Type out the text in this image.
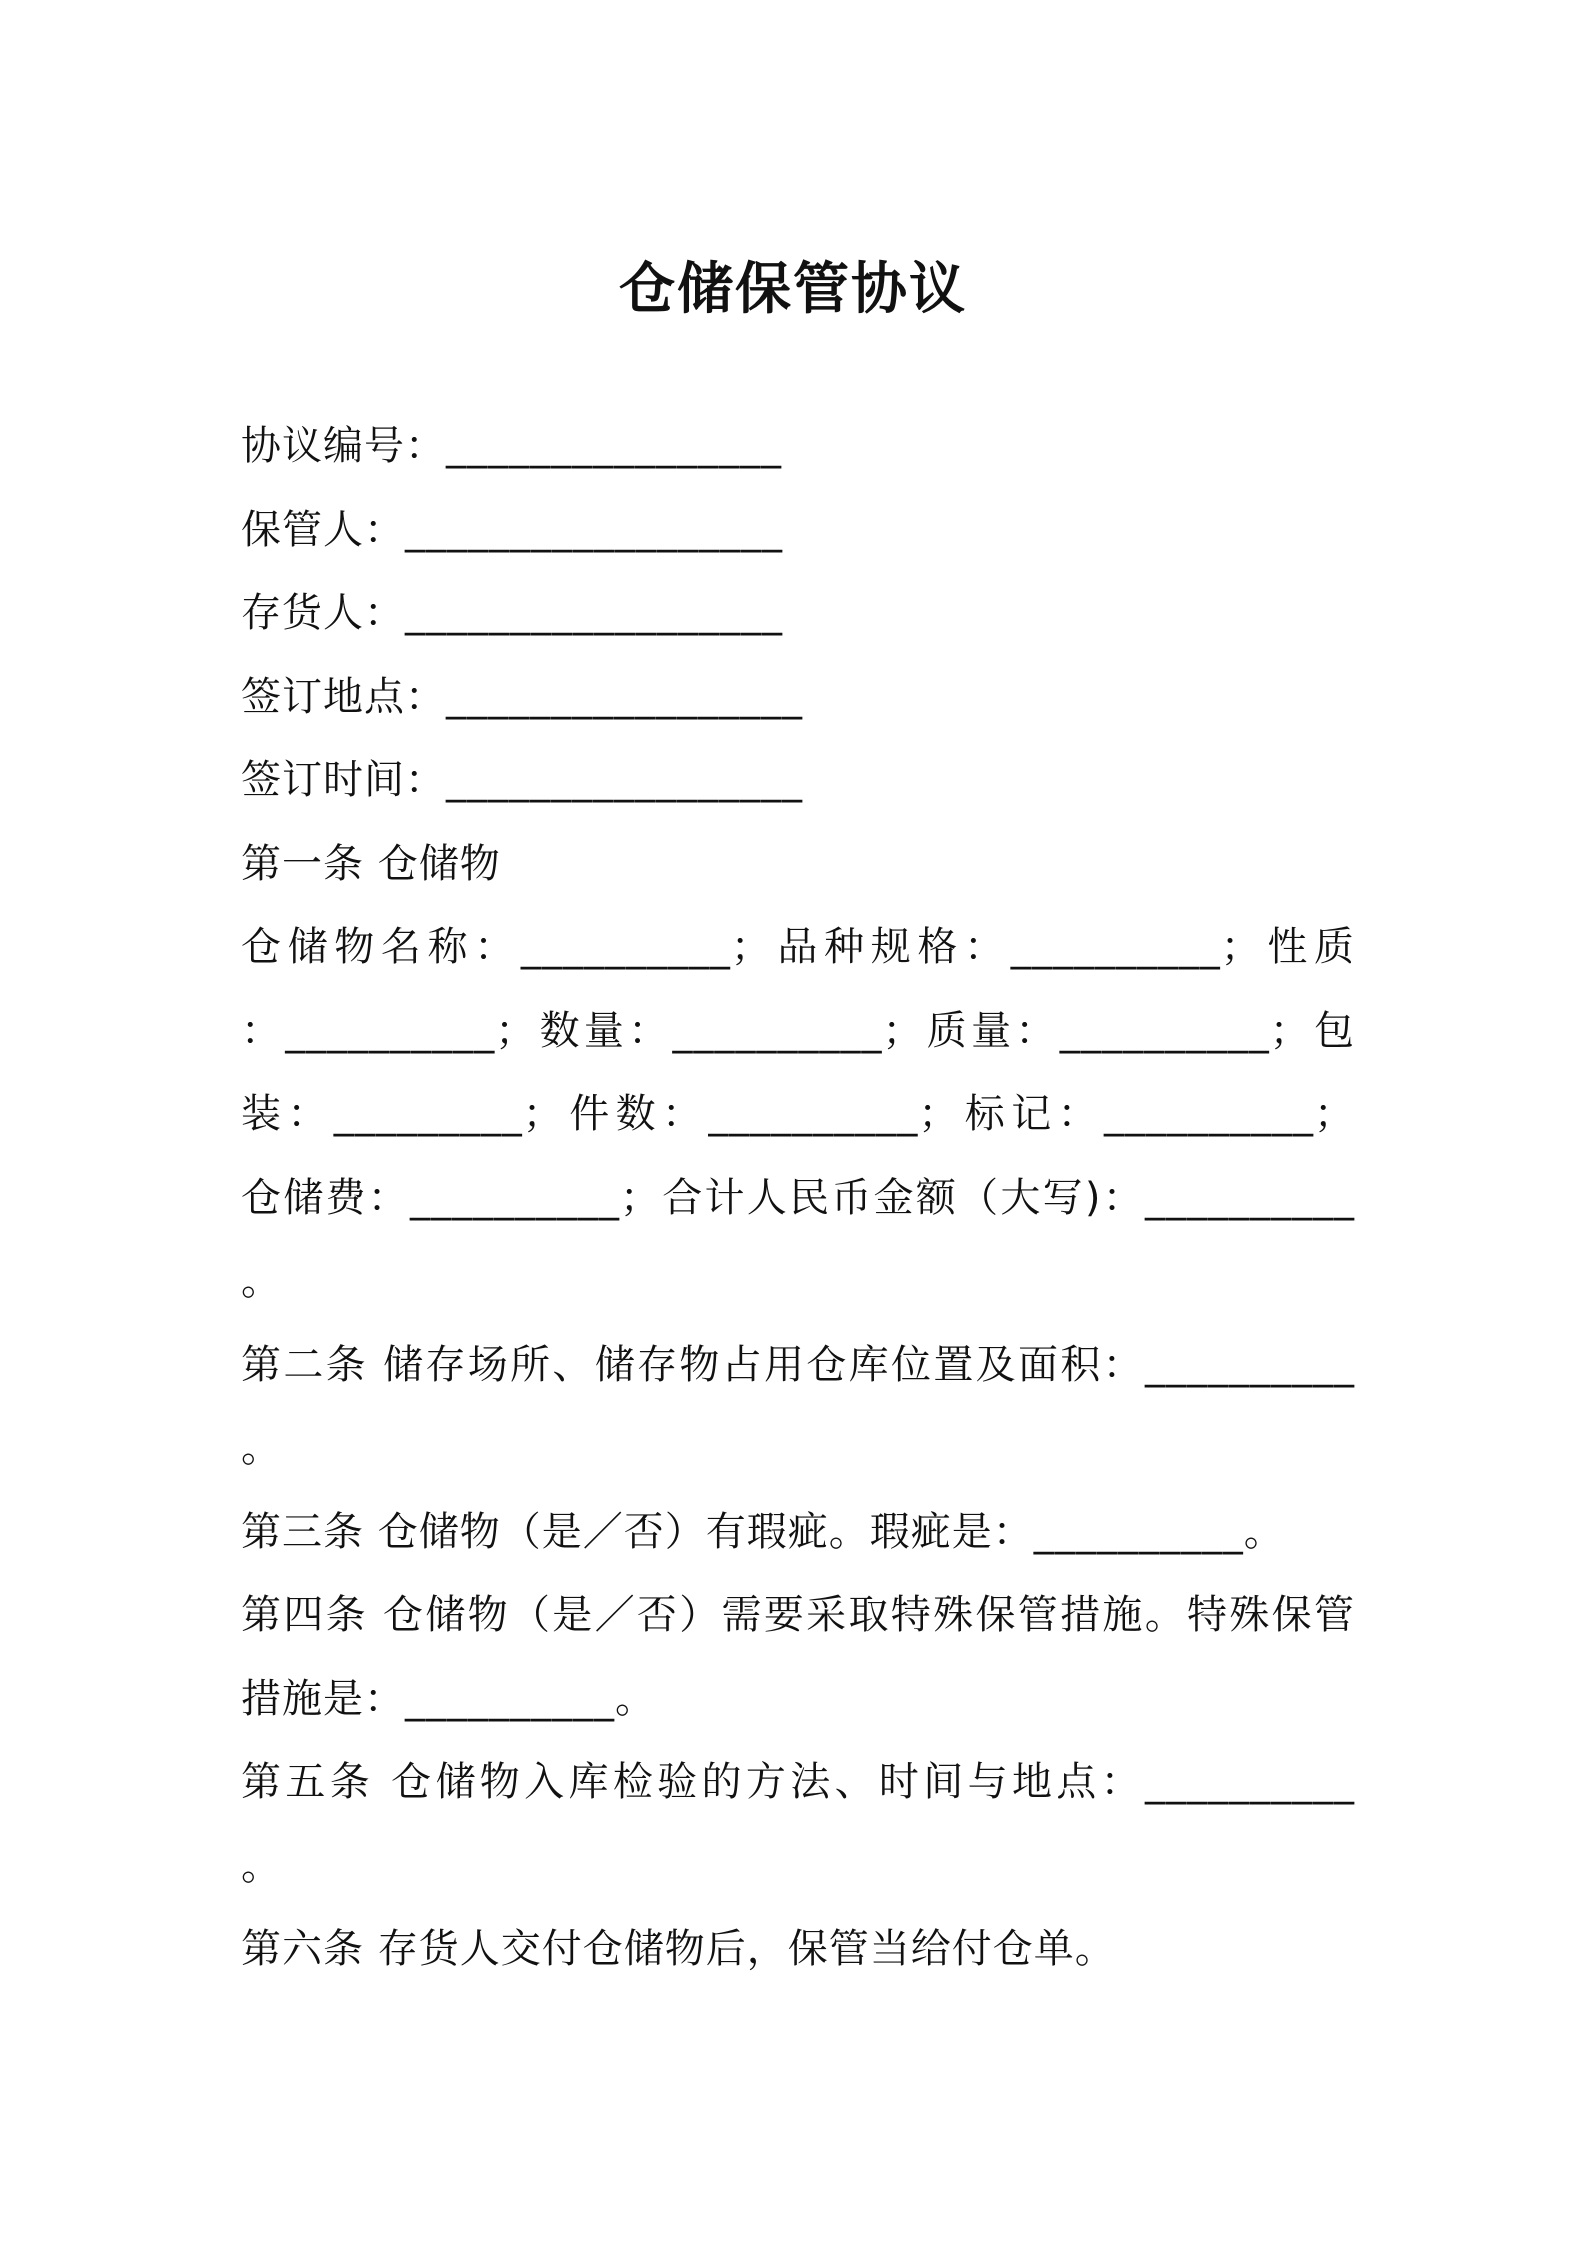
仓储保管协议
协议编号：________________
保管人：__________________
存货人：__________________
签订地点：_________________
签订时间：_________________
第一条 仓储物
仓储物名称：__________；品种规格：__________；性质
：__________；数量：__________；质量：__________；包
装：_________；件数：__________；标记：__________；
仓储费：__________；合计人民币金额（大写)：__________
。
第二条 储存场所、储存物占用仓库位置及面积：__________
。
第三条 仓储物（是／否）有瑕疵。瑕疵是：__________。
第四条 仓储物（是／否）需要采取特殊保管措施。特殊保管
措施是：__________。
第五条 仓储物入库检验的方法、时间与地点：__________
。
第六条 存货人交付仓储物后，保管当给付仓单。
